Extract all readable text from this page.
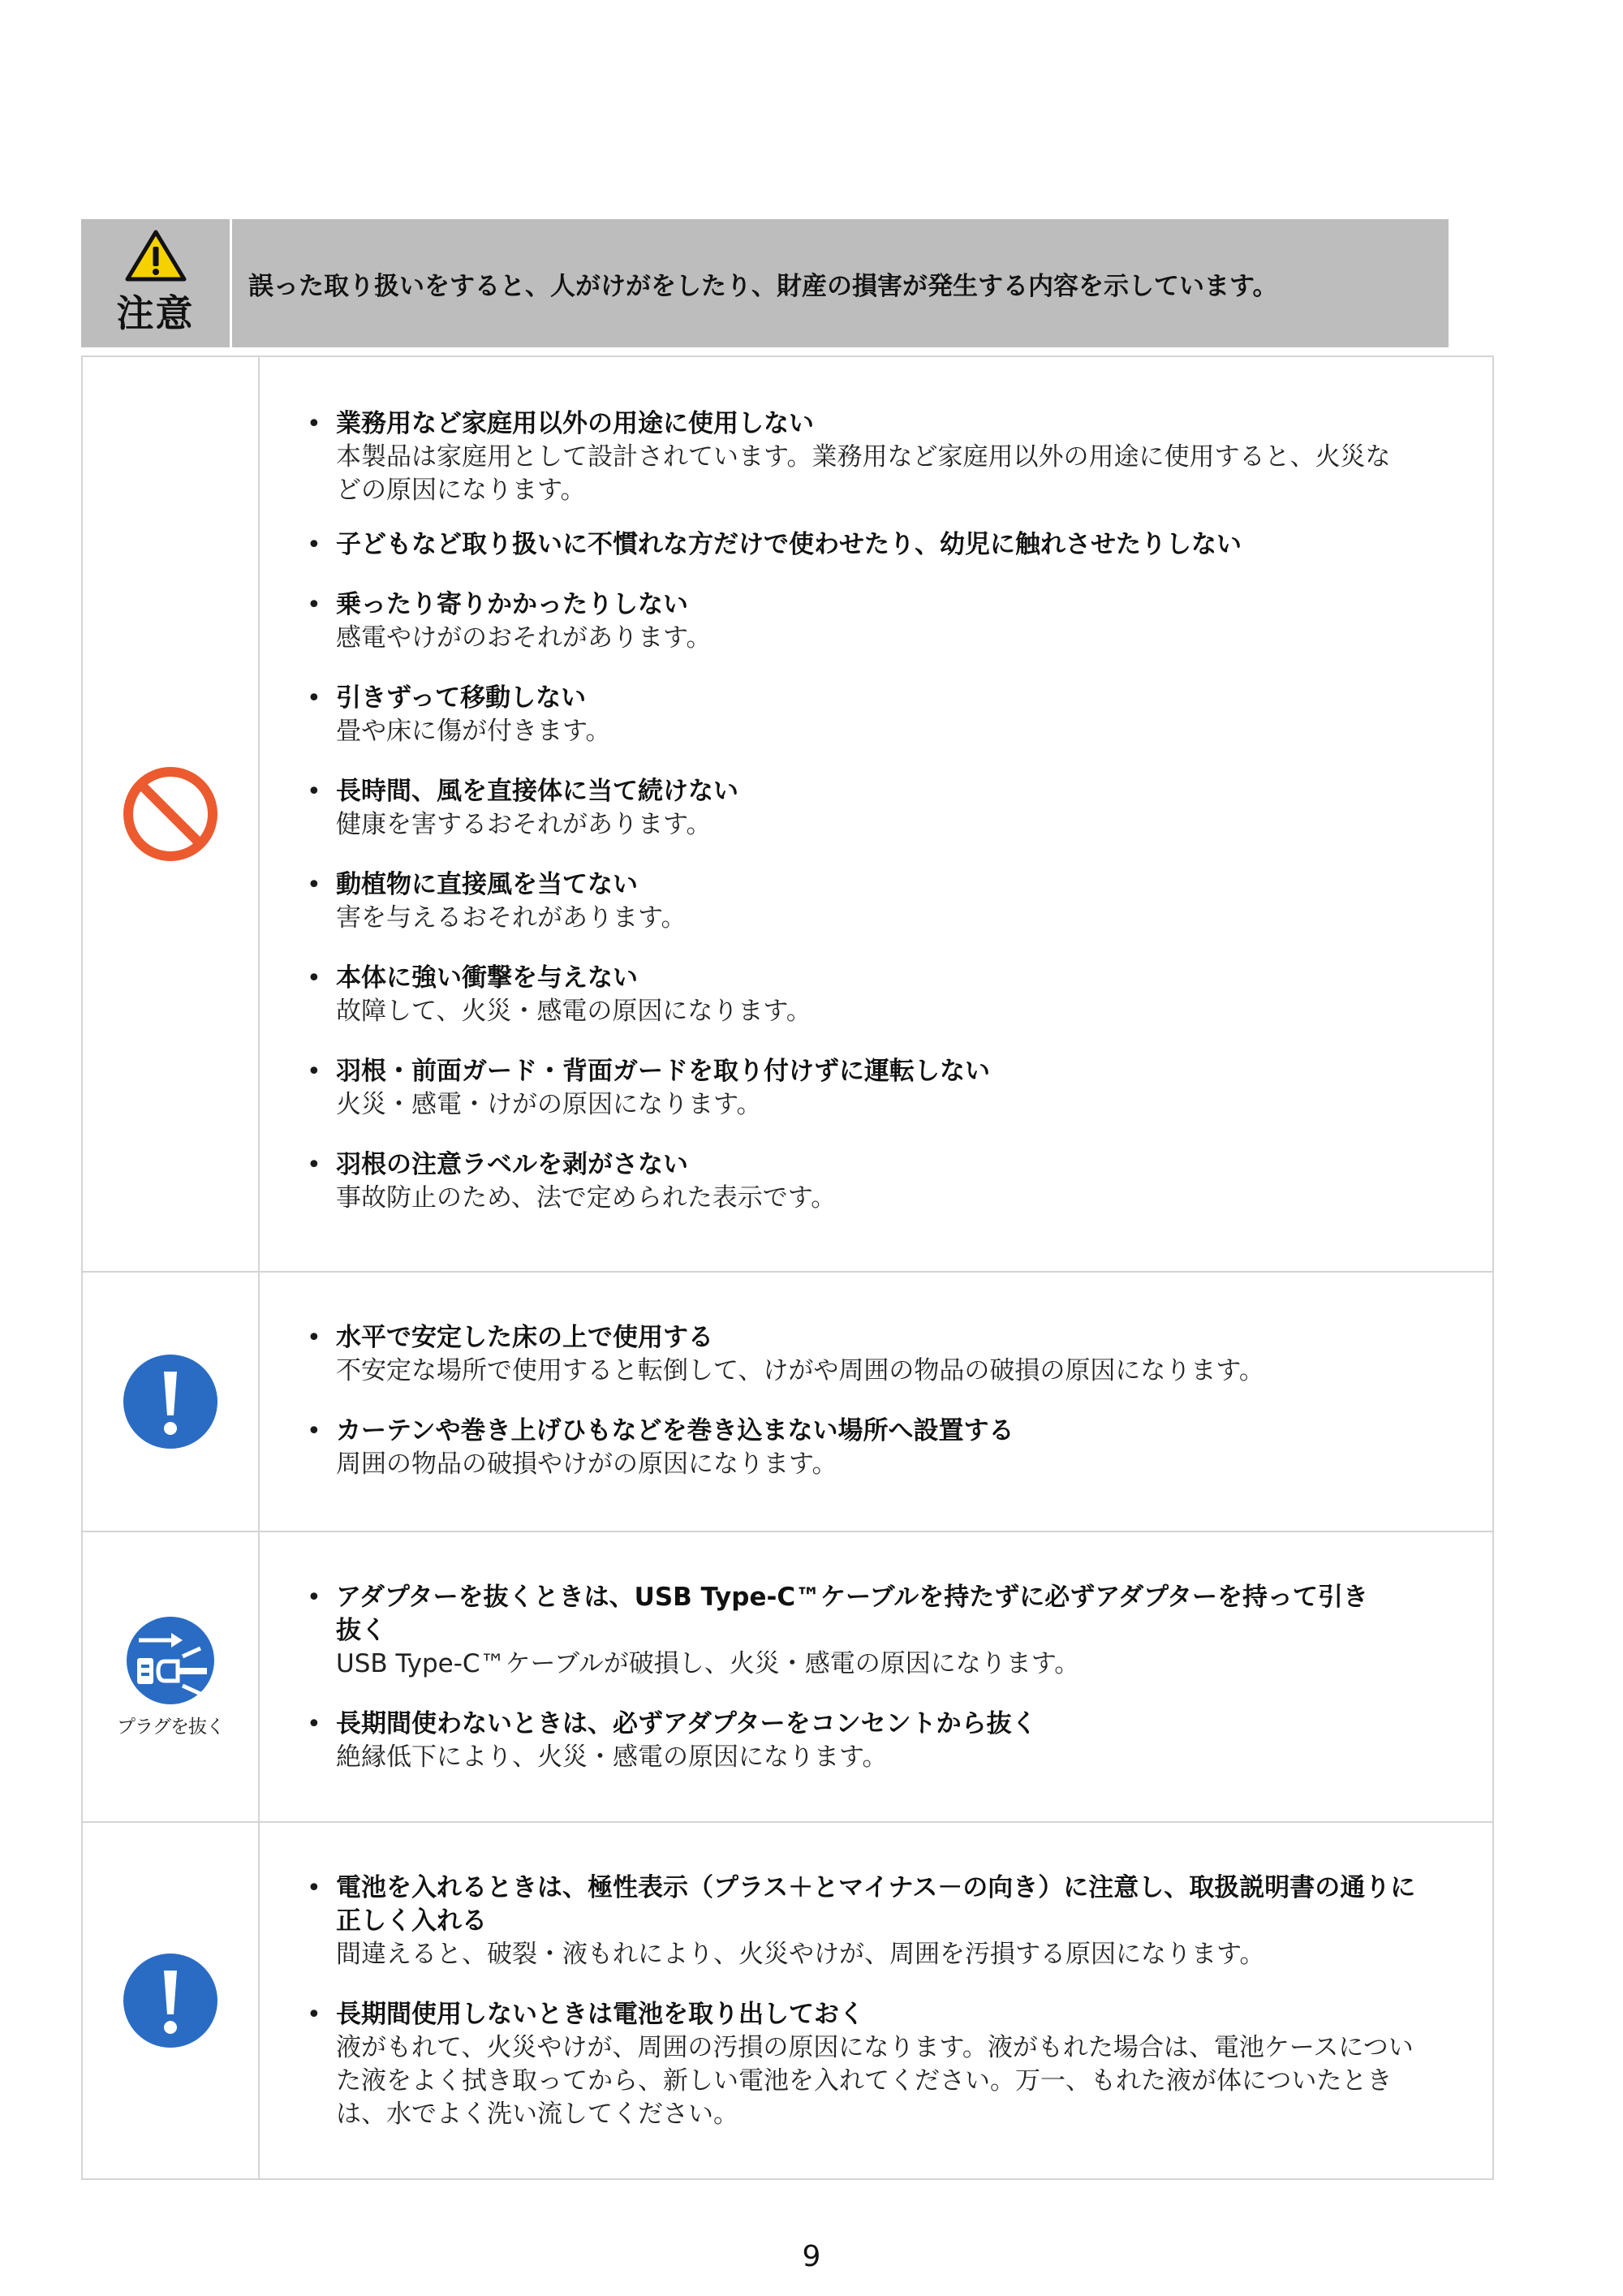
注意
誤った取り扱いをすると、人がけがをしたり、財産の損害が発生する内容を示しています。
• 業務用など家庭用以外の用途に使用しない
本製品は家庭用として設計されています。業務用など家庭用以外の用途に使用すると、火災な
どの原因になります。
• 子どもなど取り扱いに不慣れな方だけで使わせたり、幼児に触れさせたりしない
• 乗ったり寄りかかったりしない
感電やけがのおそれがあります。
• 引きずって移動しない
畳や床に傷が付きます。
• 長時間、風を直接体に当て続けない
健康を害するおそれがあります。
• 動植物に直接風を当てない
害を与えるおそれがあります。
• 本体に強い衝撃を与えない
故障して、火災・感電の原因になります。
• 羽根・前面ガード・背面ガードを取り付けずに運転しない
火災・感電・けがの原因になります。
• 羽根の注意ラベルを剥がさない
事故防止のため、法で定められた表示です。
• 水平で安定した床の上で使用する
不安定な場所で使用すると転倒して、けがや周囲の物品の破損の原因になります。
• カーテンや巻き上げひもなどを巻き込まない場所へ設置する
周囲の物品の破損やけがの原因になります。
プラグを抜く
• アダプターを抜くときは、USB Type-C™ケーブルを持たずに必ずアダプターを持って引き
抜く
USB Type-C™ケーブルが破損し、火災・感電の原因になります。
• 長期間使わないときは、必ずアダプターをコンセントから抜く
絶縁低下により、火災・感電の原因になります。
• 電池を入れるときは、極性表示（プラス＋とマイナス－の向き）に注意し、取扱説明書の通りに
正しく入れる
間違えると、破裂・液もれにより、火災やけが、周囲を汚損する原因になります。
• 長期間使用しないときは電池を取り出しておく
液がもれて、火災やけが、周囲の汚損の原因になります。液がもれた場合は、電池ケースについ
た液をよく拭き取ってから、新しい電池を入れてください。万一、もれた液が体についたとき
は、水でよく洗い流してください。
9
